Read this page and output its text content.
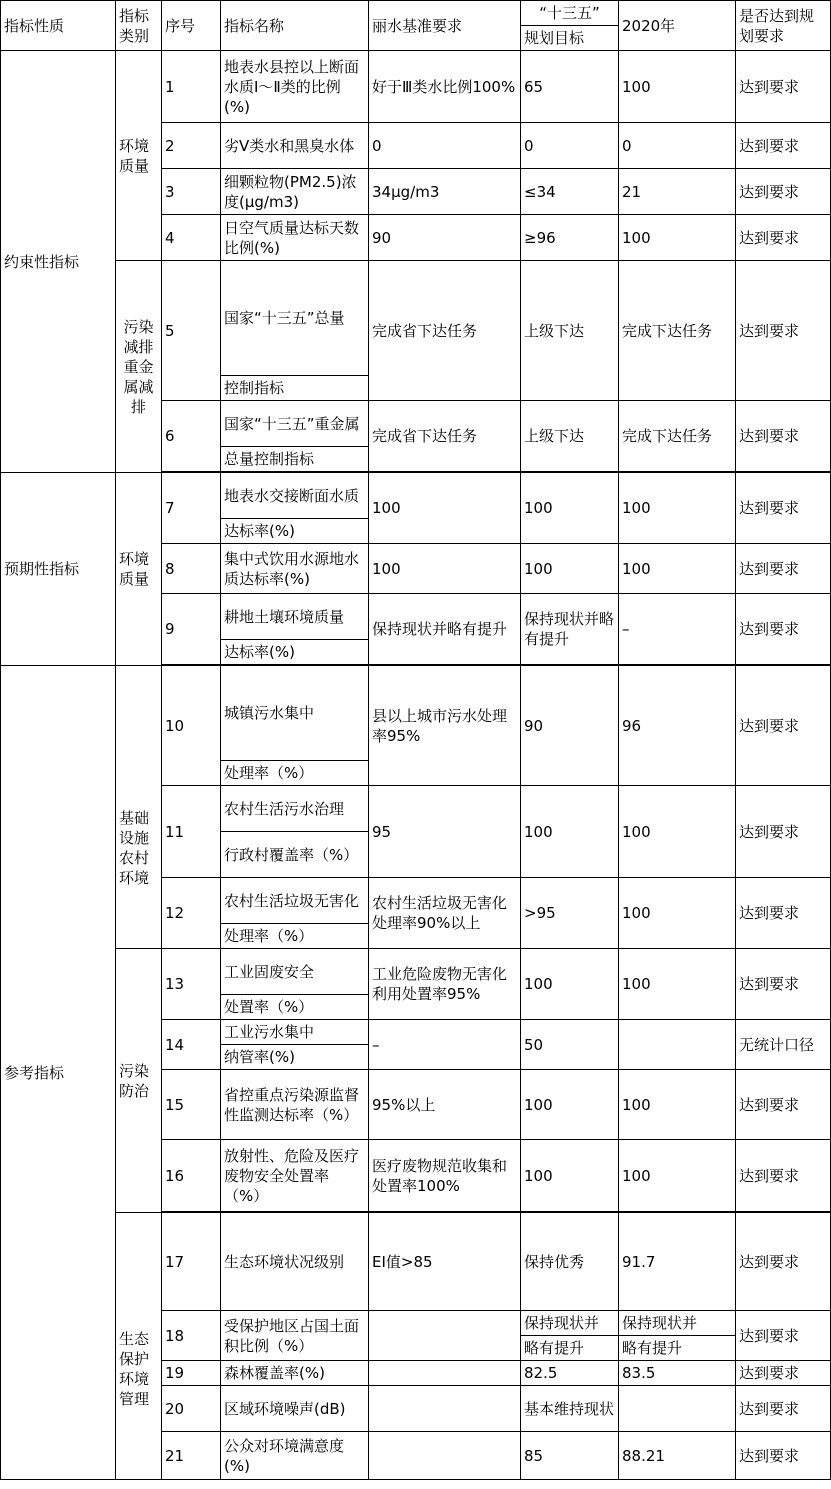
指标性质	指标类别	序号	指标名称	丽水基准要求	“十三五”	2020年	是否达到规划要求
					规划目标		
约束性指标	环境质量	1	地表水县控以上断面水质Ⅰ～Ⅱ类的比例(%)	好于Ⅲ类水比例100%	65	100	达到要求
		2	劣V类水和黑臭水体	0	0	0	达到要求
		3	细颗粒物(PM2.5)浓度(μg/m3)	34μg/m3	≤34	21	达到要求
		4	日空气质量达标天数比例(%)	90	≥96	100	达到要求
	污染减排重金属减排	5	国家“十三五”总量	完成省下达任务	上级下达	完成下达任务	达到要求
			控制指标				
		6	国家“十三五”重金属	完成省下达任务	上级下达	完成下达任务	达到要求
			总量控制指标				

预期性指标	环境质量	7	地表水交接断面水质	100	100	100	达到要求
			达标率(%)				
		8	集中式饮用水源地水质达标率(%)	100	100	100	达到要求
		9	耕地土壤环境质量	保持现状并略有提升	保持现状并略有提升	–	达到要求
			达标率(%)				

参考指标	基础设施农村环境	10	城镇污水集中	县以上城市污水处理率95%	90	96	达到要求
			处理率（%）				
		11	农村生活污水治理	95	100	100	达到要求
			行政村覆盖率（%）				
		12	农村生活垃圾无害化	农村生活垃圾无害化处理率90%以上	>95	100	达到要求
			处理率（%）				
	污染防治	13	工业固废安全	工业危险废物无害化利用处置率95%	100	100	达到要求
			处置率（%）				
		14	工业污水集中	–	50		无统计口径
			纳管率(%)				
		15	省控重点污染源监督性监测达标率（%）	95%以上	100	100	达到要求
		16	放射性、危险及医疗废物安全处置率（%）	医疗废物规范收集和处置率100%	100	100	达到要求

	生态保护环境管理	17	生态环境状况级别	EI值>85	保持优秀	91.7	达到要求
		18	受保护地区占国土面积比例（%）		保持现状并	保持现状并	达到要求
					略有提升	略有提升	
		19	森林覆盖率(%)		82.5	83.5	达到要求
		20	区域环境噪声(dB)		基本维持现状		达到要求
		21	公众对环境满意度(%)		85	88.21	达到要求
